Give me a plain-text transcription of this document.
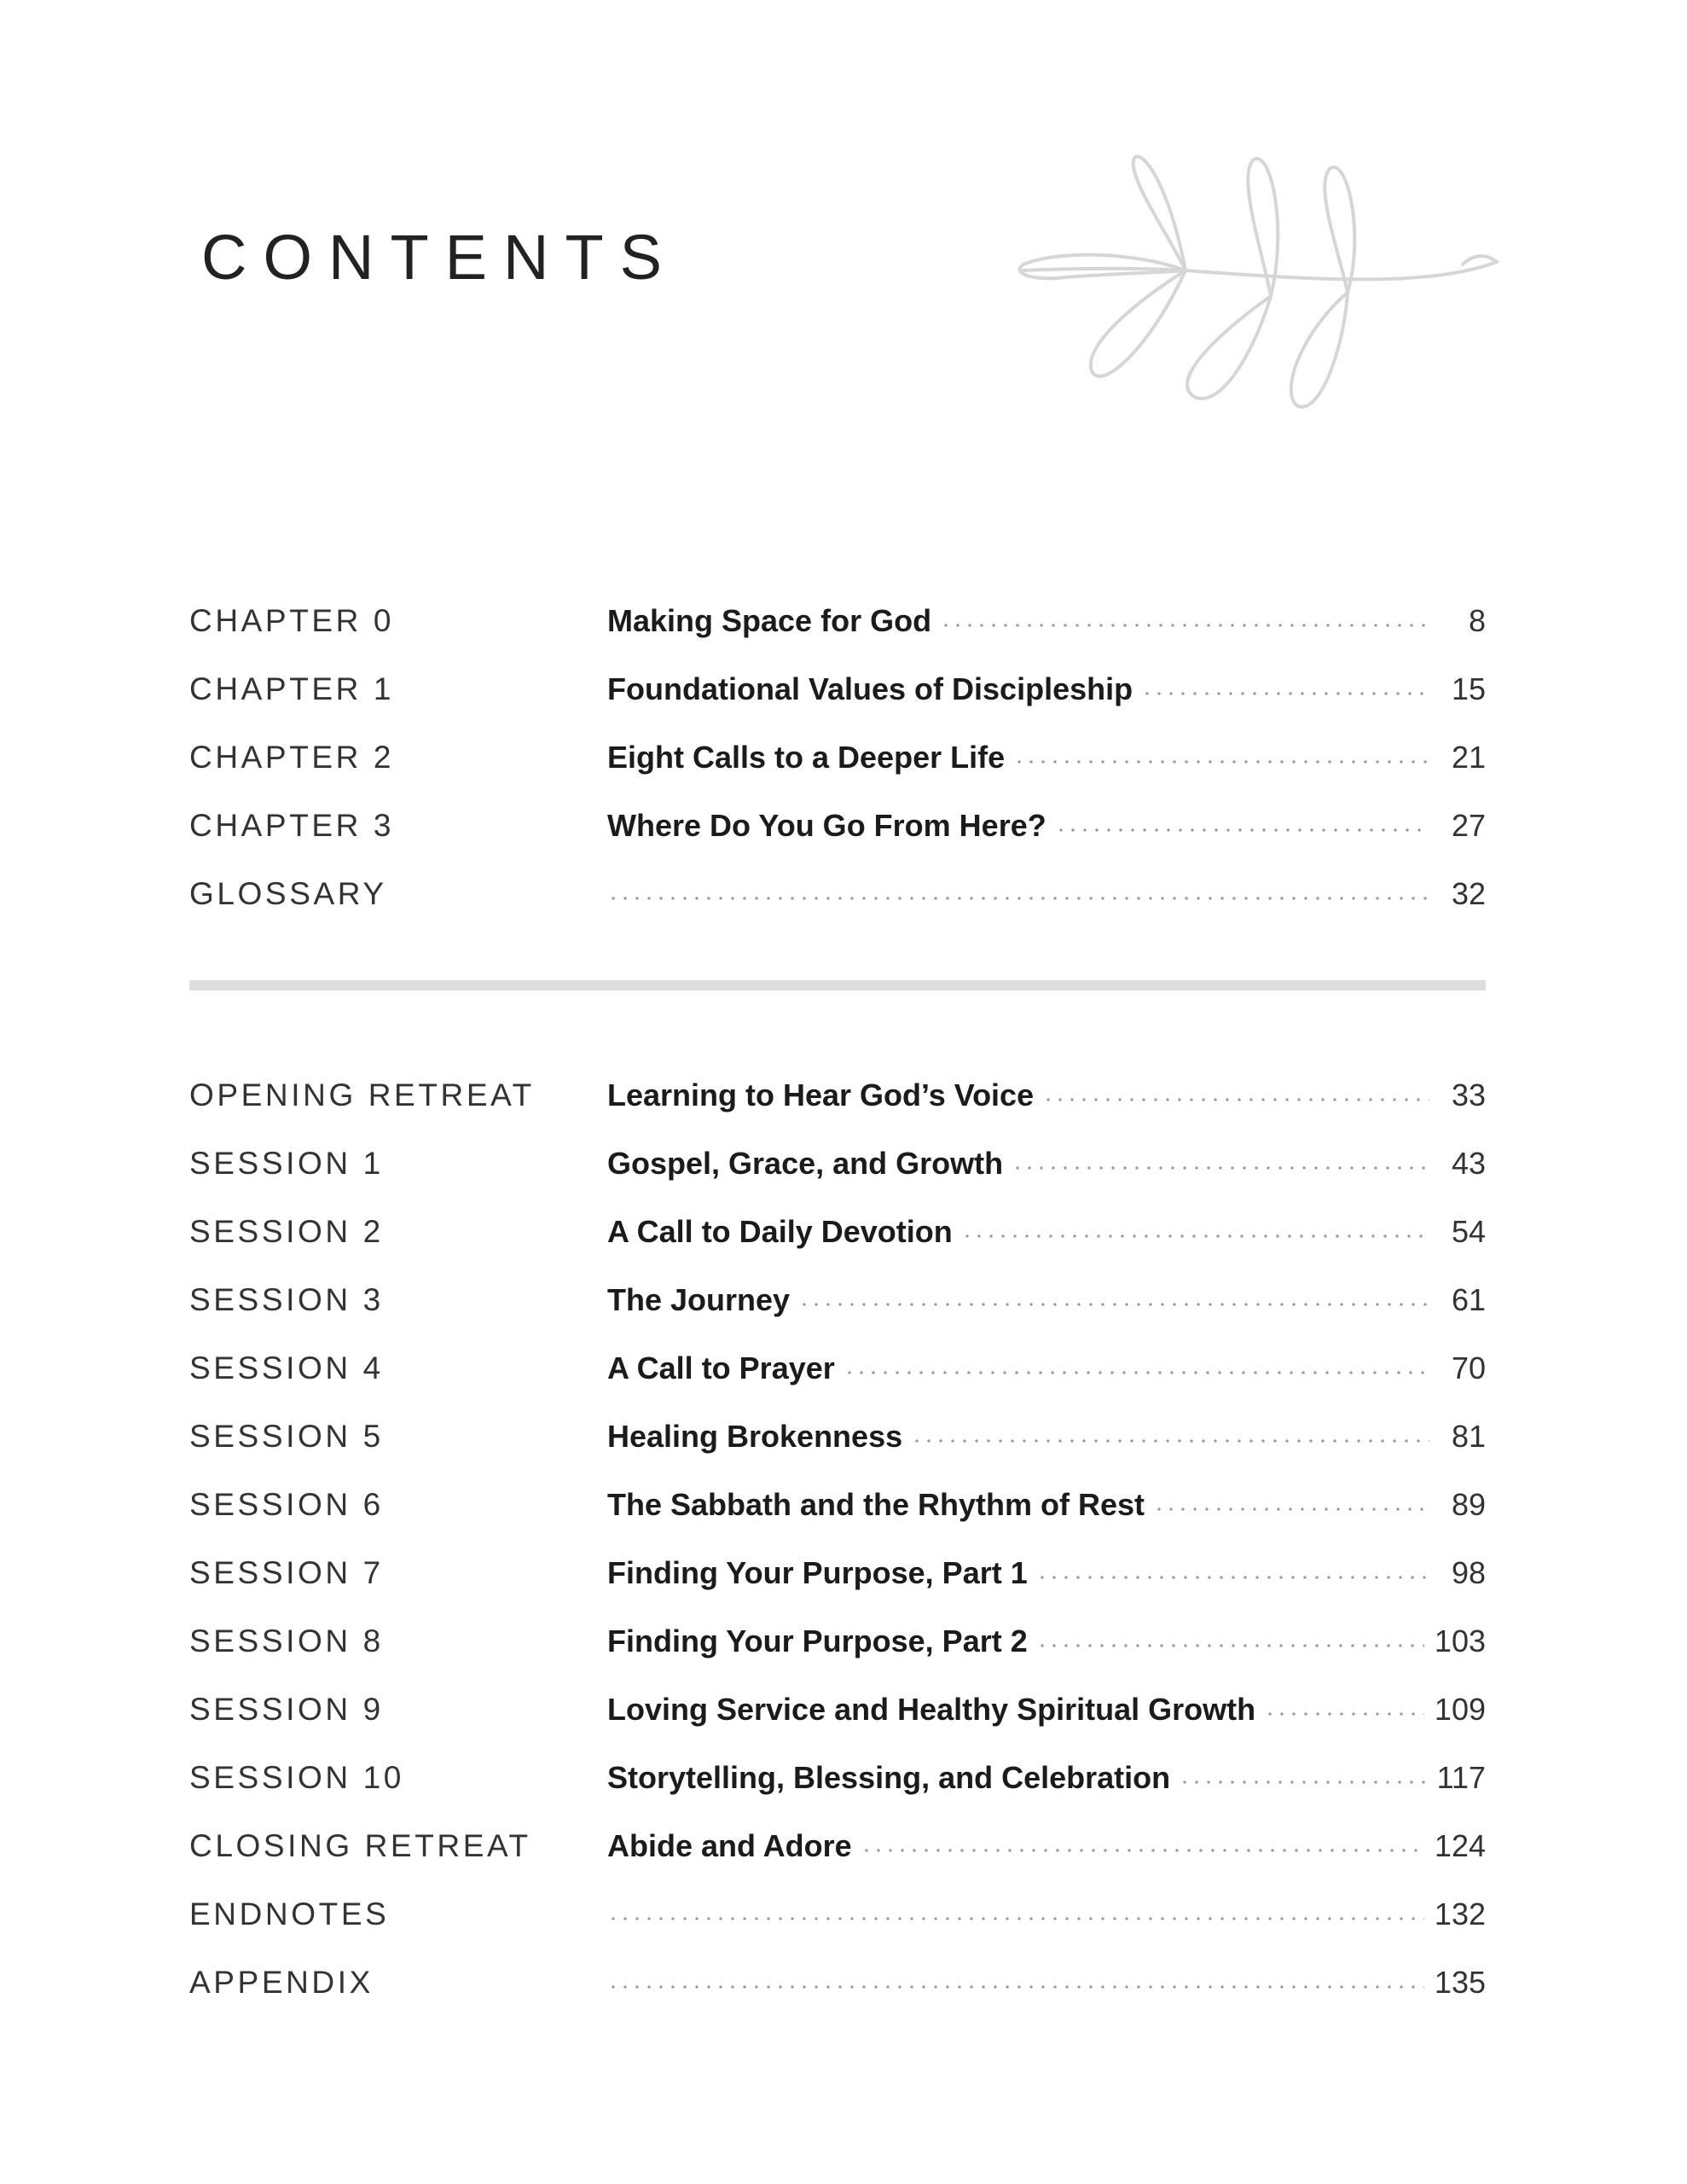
CONTENTS
CHAPTER 0	Making Space for God	8
CHAPTER 1	Foundational Values of Discipleship	15
CHAPTER 2	Eight Calls to a Deeper Life	21
CHAPTER 3	Where Do You Go From Here?	27
GLOSSARY	32
OPENING RETREAT	Learning to Hear God’s Voice	33
SESSION 1	Gospel, Grace, and Growth	43
SESSION 2	A Call to Daily Devotion	54
SESSION 3	The Journey	61
SESSION 4	A Call to Prayer	70
SESSION 5	Healing Brokenness	81
SESSION 6	The Sabbath and the Rhythm of Rest	89
SESSION 7	Finding Your Purpose, Part 1	98
SESSION 8	Finding Your Purpose, Part 2	103
SESSION 9	Loving Service and Healthy Spiritual Growth	109
SESSION 10	Storytelling, Blessing, and Celebration	117
CLOSING RETREAT	Abide and Adore	124
ENDNOTES	132
APPENDIX	135
